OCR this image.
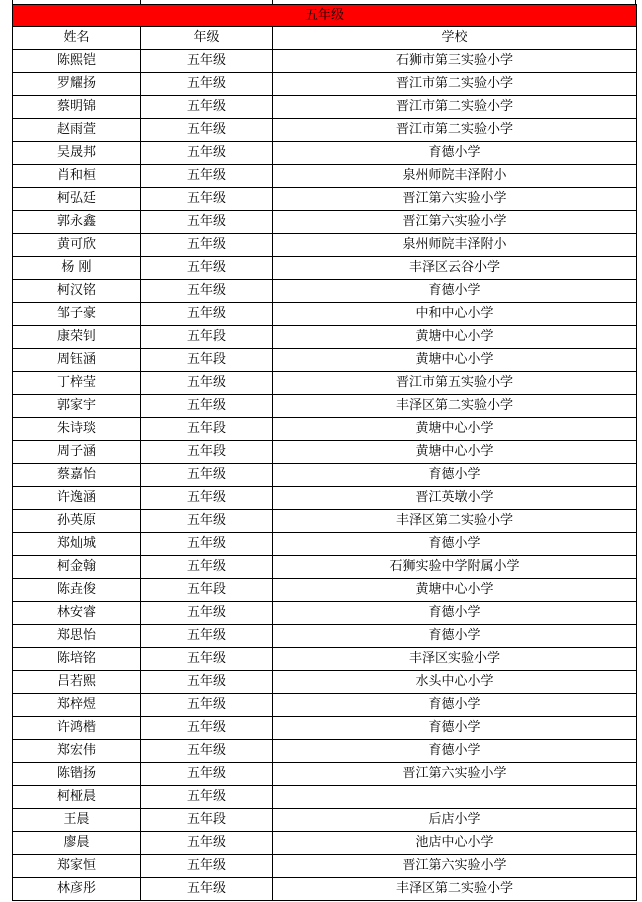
五年级		
姓名	年级	学校
陈熙铠	五年级	石狮市第三实验小学
罗耀扬	五年级	晋江市第二实验小学
蔡明锦	五年级	晋江市第二实验小学
赵雨萱	五年级	晋江市第二实验小学
吴晟邦	五年级	育德小学
肖和桓	五年级	泉州师院丰泽附小
柯弘廷	五年级	晋江第六实验小学
郭永鑫	五年级	晋江第六实验小学
黄可欣	五年级	泉州师院丰泽附小
杨 刚	五年级	丰泽区云谷小学
柯汉铭	五年级	育德小学
邹子豪	五年级	中和中心小学
康荣钊	五年段	黄塘中心小学
周钰涵	五年段	黄塘中心小学
丁梓莹	五年级	晋江市第五实验小学
郭家宇	五年级	丰泽区第二实验小学
朱诗琰	五年段	黄塘中心小学
周子涵	五年段	黄塘中心小学
蔡嘉怡	五年级	育德小学
许逸涵	五年级	晋江英墩小学
孙英原	五年级	丰泽区第二实验小学
郑灿城	五年级	育德小学
柯金翰	五年级	石狮实验中学附属小学
陈垚俊	五年段	黄塘中心小学
林安睿	五年级	育德小学
郑思怡	五年级	育德小学
陈培铭	五年级	丰泽区实验小学
吕若熙	五年级	水头中心小学
郑梓煜	五年级	育德小学
许鸿楷	五年级	育德小学
郑宏伟	五年级	育德小学
陈锴扬	五年级	晋江第六实验小学
柯桠晨	五年级	
王晨	五年段	后店小学
廖晨	五年级	池店中心小学
郑家恒	五年级	晋江第六实验小学
林彦彤	五年级	丰泽区第二实验小学
